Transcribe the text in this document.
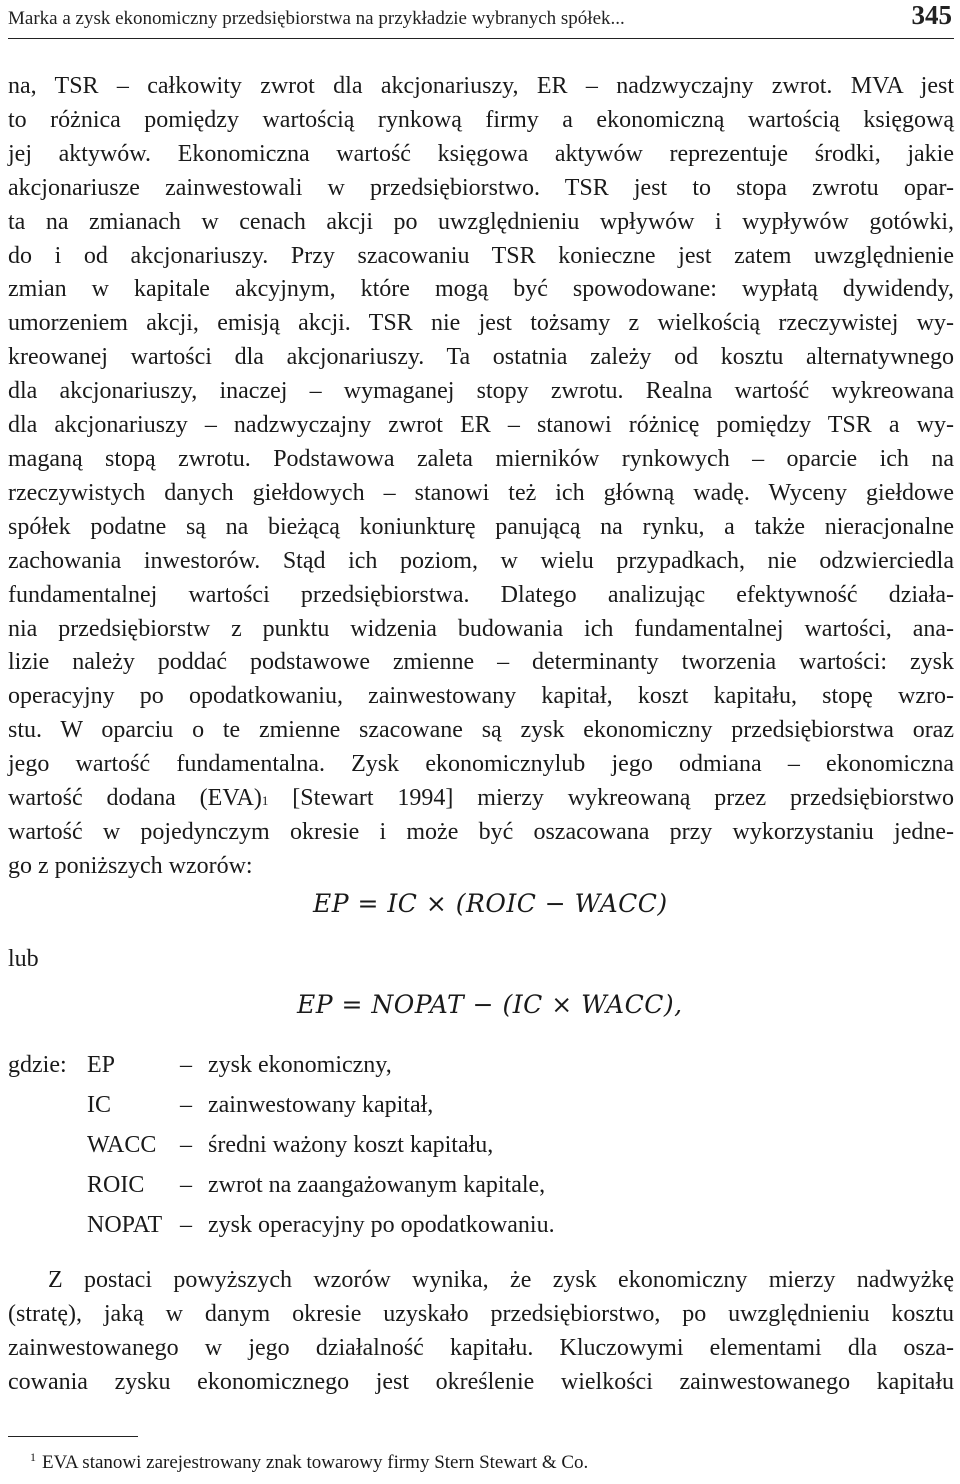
Marka a zysk ekonomiczny przedsiębiorstwa na przykładzie wybranych spółek...	345
na, TSR – całkowity zwrot dla akcjonariuszy, ER – nadzwyczajny zwrot. MVA jest
to różnica pomiędzy wartością rynkową firmy a ekonomiczną wartością księgową
jej aktywów. Ekonomiczna wartość księgowa aktywów reprezentuje środki, jakie
akcjonariusze zainwestowali w przedsiębiorstwo. TSR jest to stopa zwrotu opar-
ta na zmianach w cenach akcji po uwzględnieniu wpływów i wypływów gotówki,
do i od akcjonariuszy. Przy szacowaniu TSR konieczne jest zatem uwzględnienie
zmian w kapitale akcyjnym, które mogą być spowodowane: wypłatą dywidendy,
umorzeniem akcji, emisją akcji. TSR nie jest tożsamy z wielkością rzeczywistej wy-
kreowanej wartości dla akcjonariuszy. Ta ostatnia zależy od kosztu alternatywnego
dla akcjonariuszy, inaczej – wymaganej stopy zwrotu. Realna wartość wykreowana
dla akcjonariuszy – nadzwyczajny zwrot ER – stanowi różnicę pomiędzy TSR a wy-
maganą stopą zwrotu. Podstawowa zaleta mierników rynkowych – oparcie ich na
rzeczywistych danych giełdowych – stanowi też ich główną wadę. Wyceny giełdowe
spółek podatne są na bieżącą koniunkturę panującą na rynku, a także nieracjonalne
zachowania inwestorów. Stąd ich poziom, w wielu przypadkach, nie odzwierciedla
fundamentalnej wartości przedsiębiorstwa. Dlatego analizując efektywność działa-
nia przedsiębiorstw z punktu widzenia budowania ich fundamentalnej wartości, ana-
lizie należy poddać podstawowe zmienne – determinanty tworzenia wartości: zysk
operacyjny po opodatkowaniu, zainwestowany kapitał, koszt kapitału, stopę wzro-
stu. W oparciu o te zmienne szacowane są zysk ekonomiczny przedsiębiorstwa oraz
jego wartość fundamentalna. Zysk ekonomicznylub jego odmiana – ekonomiczna
wartość dodana (EVA)$^1$ [Stewart 1994] mierzy wykreowaną przez przedsiębiorstwo
wartość w pojedynczym okresie i może być oszacowana przy wykorzystaniu jedne-
go z poniższych wzorów:
EP = IC × (ROIC − WACC)
lub
EP = NOPAT − (IC × WACC),
gdzie: EP	– zysk ekonomiczny,
IC	– zainwestowany kapitał,
WACC – średni ważony koszt kapitału,
ROIC – zwrot na zaangażowanym kapitale,
NOPAT – zysk operacyjny po opodatkowaniu.
Z postaci powyższych wzorów wynika, że zysk ekonomiczny mierzy nadwyżkę
(stratę), jaką w danym okresie uzyskało przedsiębiorstwo, po uwzględnieniu kosztu
zainwestowanego w jego działalność kapitału. Kluczowymi elementami dla osza-
cowania zysku ekonomicznego jest określenie wielkości zainwestowanego kapitału
$^1$ EVA stanowi zarejestrowany znak towarowy firmy Stern Stewart & Co.
